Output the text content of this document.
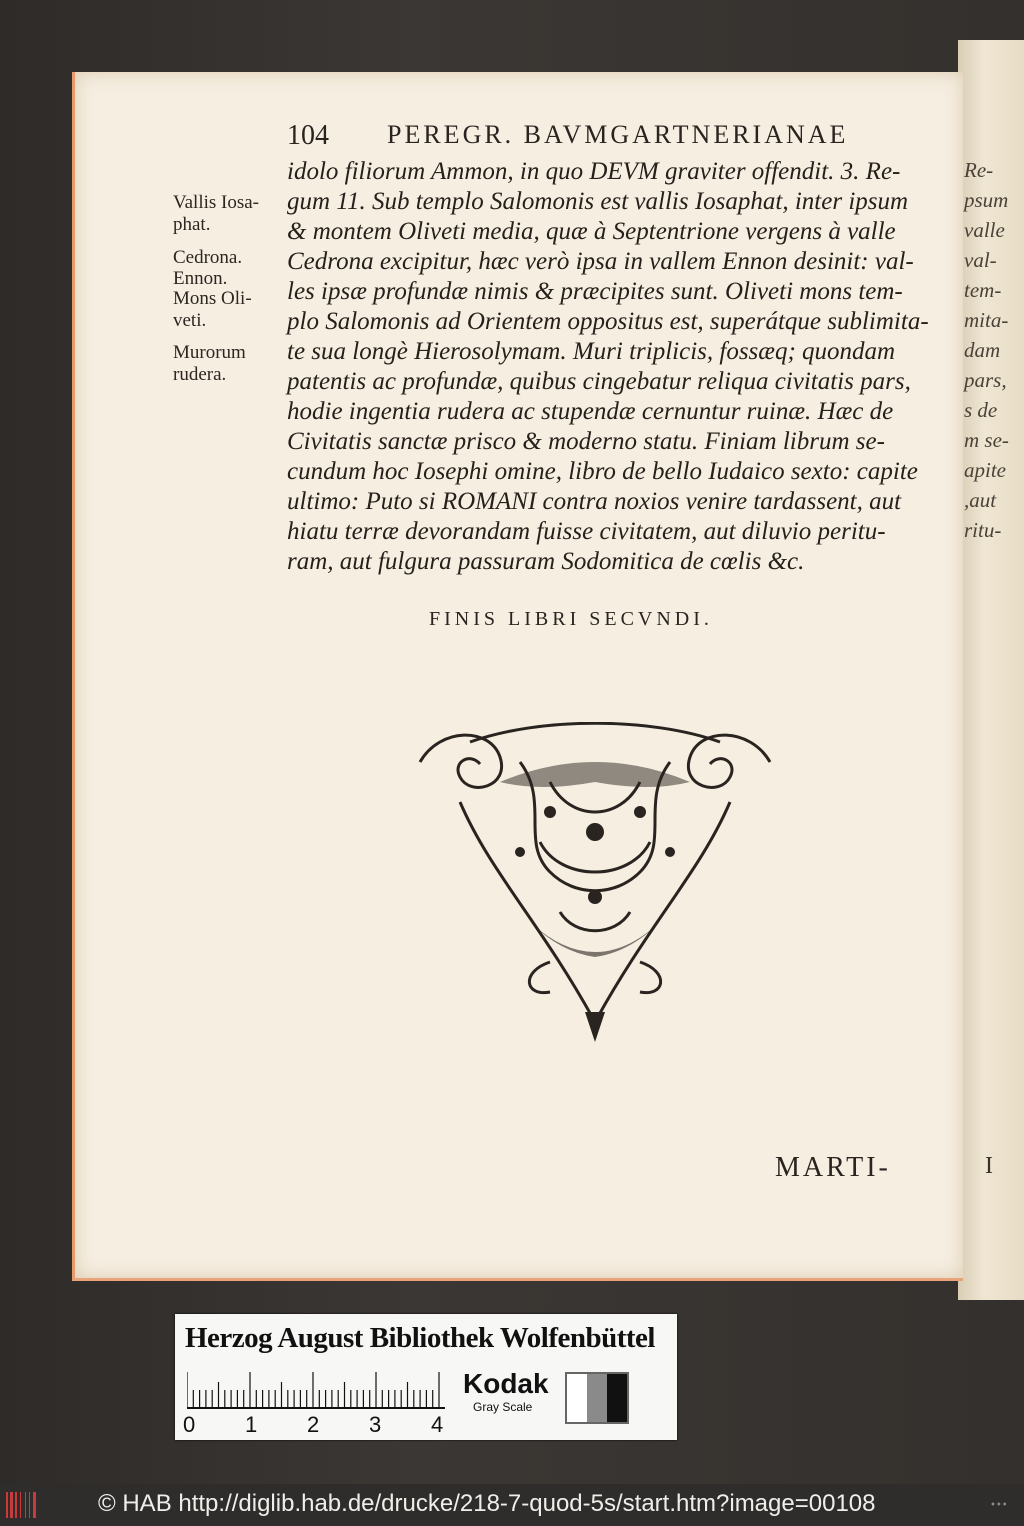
Re-
psum
valle
val-
tem-
mita-
dam
pars,
s de
m se-
apite
,aut
ritu-
I
104 PEREGR. BAVMGARTNERIANAE
idolo filiorum Ammon, in quo DEVM graviter offendit. 3. Re-
gum 11. Sub templo Salomonis est vallis Iosaphat, inter ipsum
& montem Oliveti media, quæ à Septentrione vergens à valle
Cedrona excipitur, hæc verò ipsa in vallem Ennon desinit: val-
les ipsæ profundæ nimis & præcipites sunt. Oliveti mons tem-
plo Salomonis ad Orientem oppositus est, superátque sublimita-
te sua longè Hierosolymam. Muri triplicis, fossæq; quondam
patentis ac profundæ, quibus cingebatur reliqua civitatis pars,
hodie ingentia rudera ac stupendæ cernuntur ruinæ. Hæc de
Civitatis sanctæ prisco & moderno statu. Finiam librum se-
cundum hoc Iosephi omine, libro de bello Iudaico sexto: capite
ultimo: Puto si ROMANI contra noxios venire tardassent, aut
hiatu terræ devorandam fuisse civitatem, aut diluvio peritu-
ram, aut fulgura passuram Sodomitica de cœlis &c.
Vallis Iosa-
phat.
Cedrona.
Ennon.
Mons Oli-
veti.
Murorum
rudera.
FINIS LIBRI SECVNDI.
MARTI-
Herzog August Bibliothek Wolfenbüttel
0 1 2 3 4
Kodak
Gray Scale
© HAB http://diglib.hab.de/drucke/218-7-quod-5s/start.htm?image=00108	•••
